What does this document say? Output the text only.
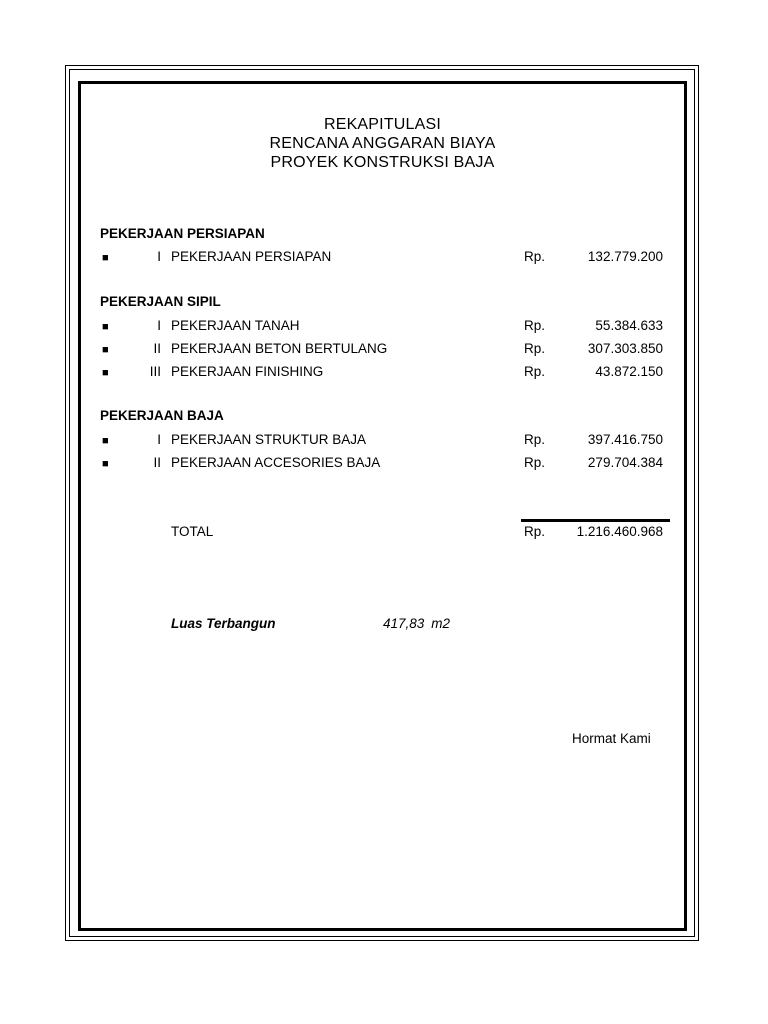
REKAPITULASI
RENCANA ANGGARAN BIAYA
PROYEK KONSTRUKSI BAJA
PEKERJAAN PERSIAPAN
■	I PEKERJAAN PERSIAPAN	Rp.	132.779.200
PEKERJAAN SIPIL
■	I PEKERJAAN TANAH	Rp.	55.384.633
■	II PEKERJAAN BETON BERTULANG	Rp.	307.303.850
■	III PEKERJAAN FINISHING	Rp.	43.872.150
PEKERJAAN BAJA
■	I PEKERJAAN STRUKTUR BAJA	Rp.	397.416.750
■	II PEKERJAAN ACCESORIES BAJA	Rp.	279.704.384
TOTAL	Rp.	1.216.460.968
Luas Terbangun	417,83 m2
Hormat Kami
